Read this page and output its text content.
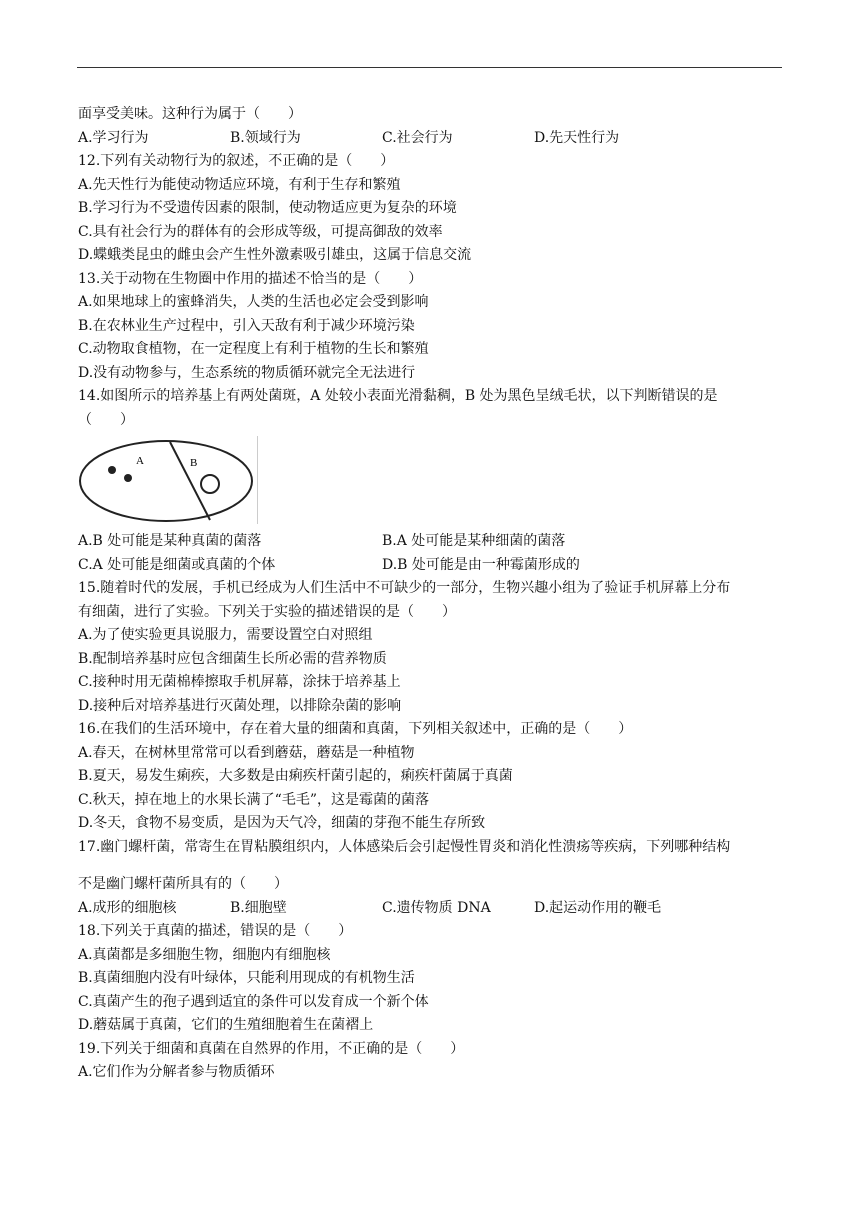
面享受美味。这种行为属于（　　）
A.学习行为	B.领域行为	C.社会行为	D.先天性行为
12.下列有关动物行为的叙述，不正确的是（　　）
A.先天性行为能使动物适应环境，有利于生存和繁殖
B.学习行为不受遗传因素的限制，使动物适应更为复杂的环境
C.具有社会行为的群体有的会形成等级，可提高御敌的效率
D.蝶蛾类昆虫的雌虫会产生性外激素吸引雄虫，这属于信息交流
13.关于动物在生物圈中作用的描述不恰当的是（　　）
A.如果地球上的蜜蜂消失，人类的生活也必定会受到影响
B.在农林业生产过程中，引入天敌有利于减少环境污染
C.动物取食植物，在一定程度上有利于植物的生长和繁殖
D.没有动物参与，生态系统的物质循环就完全无法进行
14.如图所示的培养基上有两处菌斑，A 处较小表面光滑黏稠，B 处为黑色呈绒毛状，以下判断错误的是
（　　）
A	B
A.B 处可能是某种真菌的菌落	B.A 处可能是某种细菌的菌落
C.A 处可能是细菌或真菌的个体	D.B 处可能是由一种霉菌形成的
15.随着时代的发展，手机已经成为人们生活中不可缺少的一部分，生物兴趣小组为了验证手机屏幕上分布
有细菌，进行了实验。下列关于实验的描述错误的是（　　）
A.为了使实验更具说服力，需要设置空白对照组
B.配制培养基时应包含细菌生长所必需的营养物质
C.接种时用无菌棉棒擦取手机屏幕，涂抹于培养基上
D.接种后对培养基进行灭菌处理，以排除杂菌的影响
16.在我们的生活环境中，存在着大量的细菌和真菌，下列相关叙述中，正确的是（　　）
A.春天，在树林里常常可以看到蘑菇，蘑菇是一种植物
B.夏天，易发生痢疾，大多数是由痢疾杆菌引起的，痢疾杆菌属于真菌
C.秋天，掉在地上的水果长满了“毛毛”，这是霉菌的菌落
D.冬天，食物不易变质，是因为天气冷，细菌的芽孢不能生存所致
17.幽门螺杆菌，常寄生在胃粘膜组织内，人体感染后会引起慢性胃炎和消化性溃疡等疾病，下列哪种结构
不是幽门螺杆菌所具有的（　　）
A.成形的细胞核	B.细胞壁	C.遗传物质 DNA	D.起运动作用的鞭毛
18.下列关于真菌的描述，错误的是（　　）
A.真菌都是多细胞生物，细胞内有细胞核
B.真菌细胞内没有叶绿体，只能利用现成的有机物生活
C.真菌产生的孢子遇到适宜的条件可以发育成一个新个体
D.蘑菇属于真菌，它们的生殖细胞着生在菌褶上
19.下列关于细菌和真菌在自然界的作用，不正确的是（　　）
A.它们作为分解者参与物质循环
